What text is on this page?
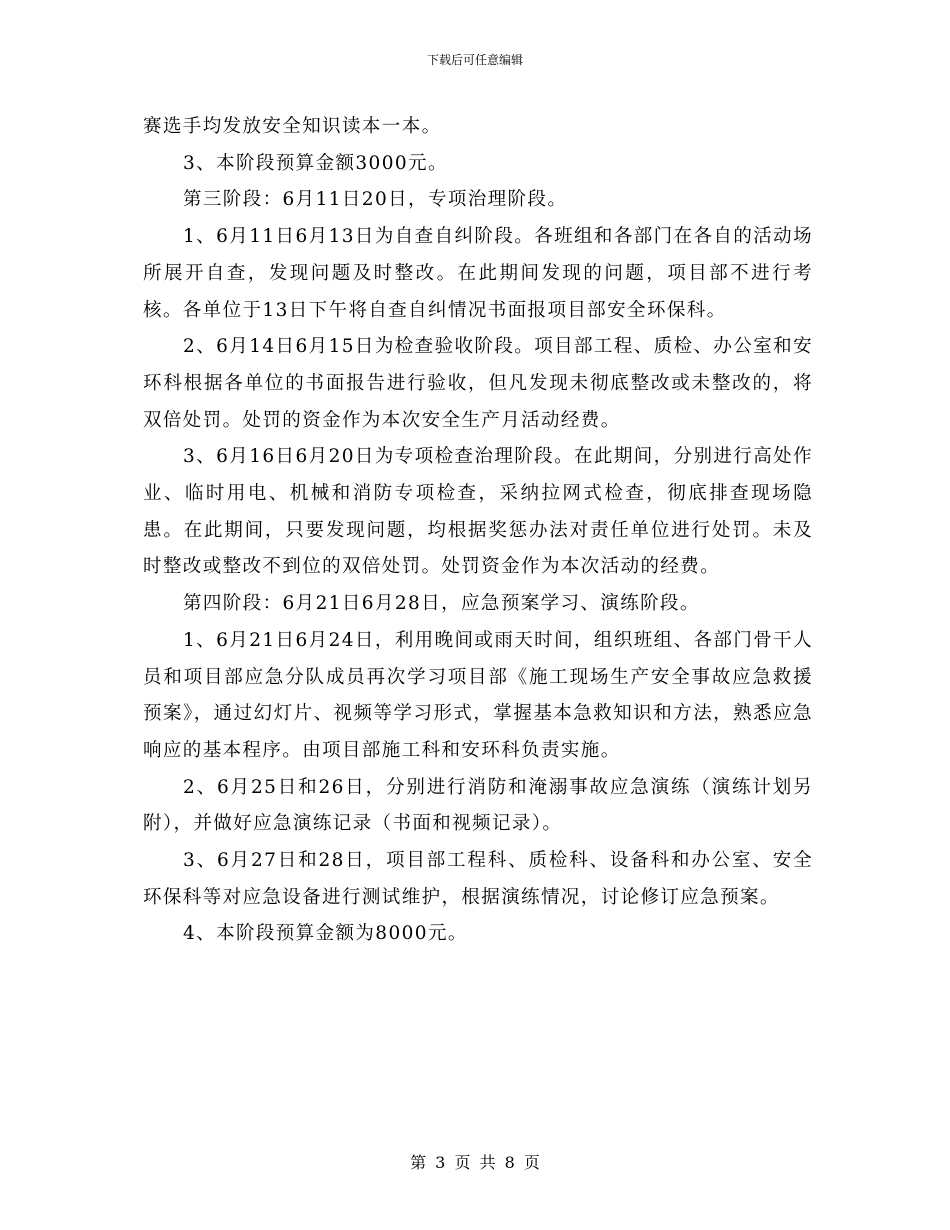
下载后可任意编辑

赛选手均发放安全知识读本一本。

3、本阶段预算金额3000元。

第三阶段：6月11日20日，专项治理阶段。

1、6月11日6月13日为自查自纠阶段。各班组和各部门在各自的活动场所展开自查，发现问题及时整改。在此期间发现的问题，项目部不进行考核。各单位于13日下午将自查自纠情况书面报项目部安全环保科。

2、6月14日6月15日为检查验收阶段。项目部工程、质检、办公室和安环科根据各单位的书面报告进行验收，但凡发现未彻底整改或未整改的，将双倍处罚。处罚的资金作为本次安全生产月活动经费。

3、6月16日6月20日为专项检查治理阶段。在此期间，分别进行高处作业、临时用电、机械和消防专项检查，采纳拉网式检查，彻底排查现场隐患。在此期间，只要发现问题，均根据奖惩办法对责任单位进行处罚。未及时整改或整改不到位的双倍处罚。处罚资金作为本次活动的经费。

第四阶段：6月21日6月28日，应急预案学习、演练阶段。

1、6月21日6月24日，利用晚间或雨天时间，组织班组、各部门骨干人员和项目部应急分队成员再次学习项目部《施工现场生产安全事故应急救援预案》，通过幻灯片、视频等学习形式，掌握基本急救知识和方法，熟悉应急响应的基本程序。由项目部施工科和安环科负责实施。

2、6月25日和26日，分别进行消防和淹溺事故应急演练（演练计划另附），并做好应急演练记录（书面和视频记录）。

3、6月27日和28日，项目部工程科、质检科、设备科和办公室、安全环保科等对应急设备进行测试维护，根据演练情况，讨论修订应急预案。

4、本阶段预算金额为8000元。

第 3 页 共 8 页
